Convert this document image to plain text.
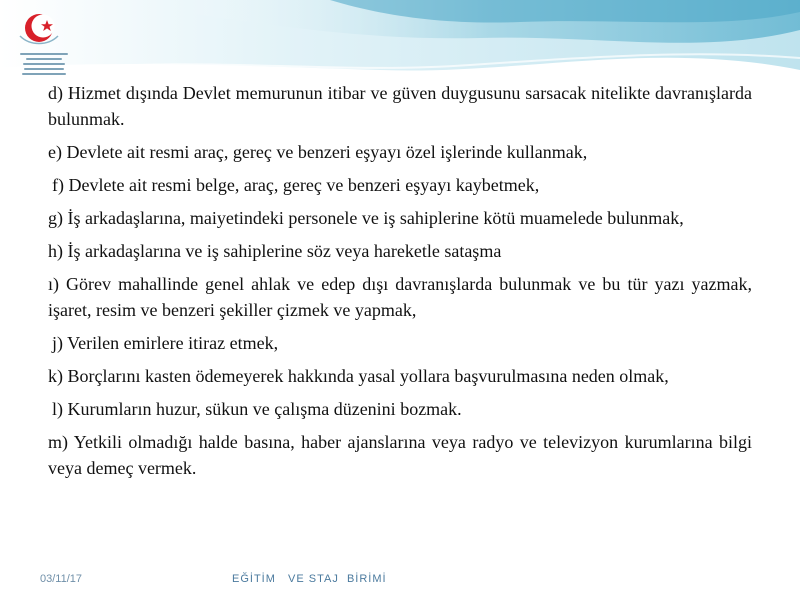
d) Hizmet dışında Devlet memurunun itibar ve güven duygusunu sarsacak nitelikte davranışlarda bulunmak.

e) Devlete ait resmi araç, gereç ve benzeri eşyayı özel işlerinde kullanmak,

f) Devlete ait resmi belge, araç, gereç ve benzeri eşyayı kaybetmek,

g) İş arkadaşlarına, maiyetindeki personele ve iş sahiplerine kötü muamelede bulunmak,

h) İş arkadaşlarına ve iş sahiplerine söz veya hareketle sataşma

ı) Görev mahallinde genel ahlak ve edep dışı davranışlarda bulunmak ve bu tür yazı yazmak, işaret, resim ve benzeri şekiller çizmek ve yapmak,

j) Verilen emirlere itiraz etmek,

k) Borçlarını kasten ödemeyerek hakkında yasal yollara başvurulmasına neden olmak,

l) Kurumların huzur, sükun ve çalışma düzenini bozmak.

m) Yetkili olmadığı halde basına, haber ajanslarına veya radyo ve televizyon kurumlarına bilgi veya demeç vermek.

03/11/17	EĞİTİM   VE STAJ  BİRİMİ
